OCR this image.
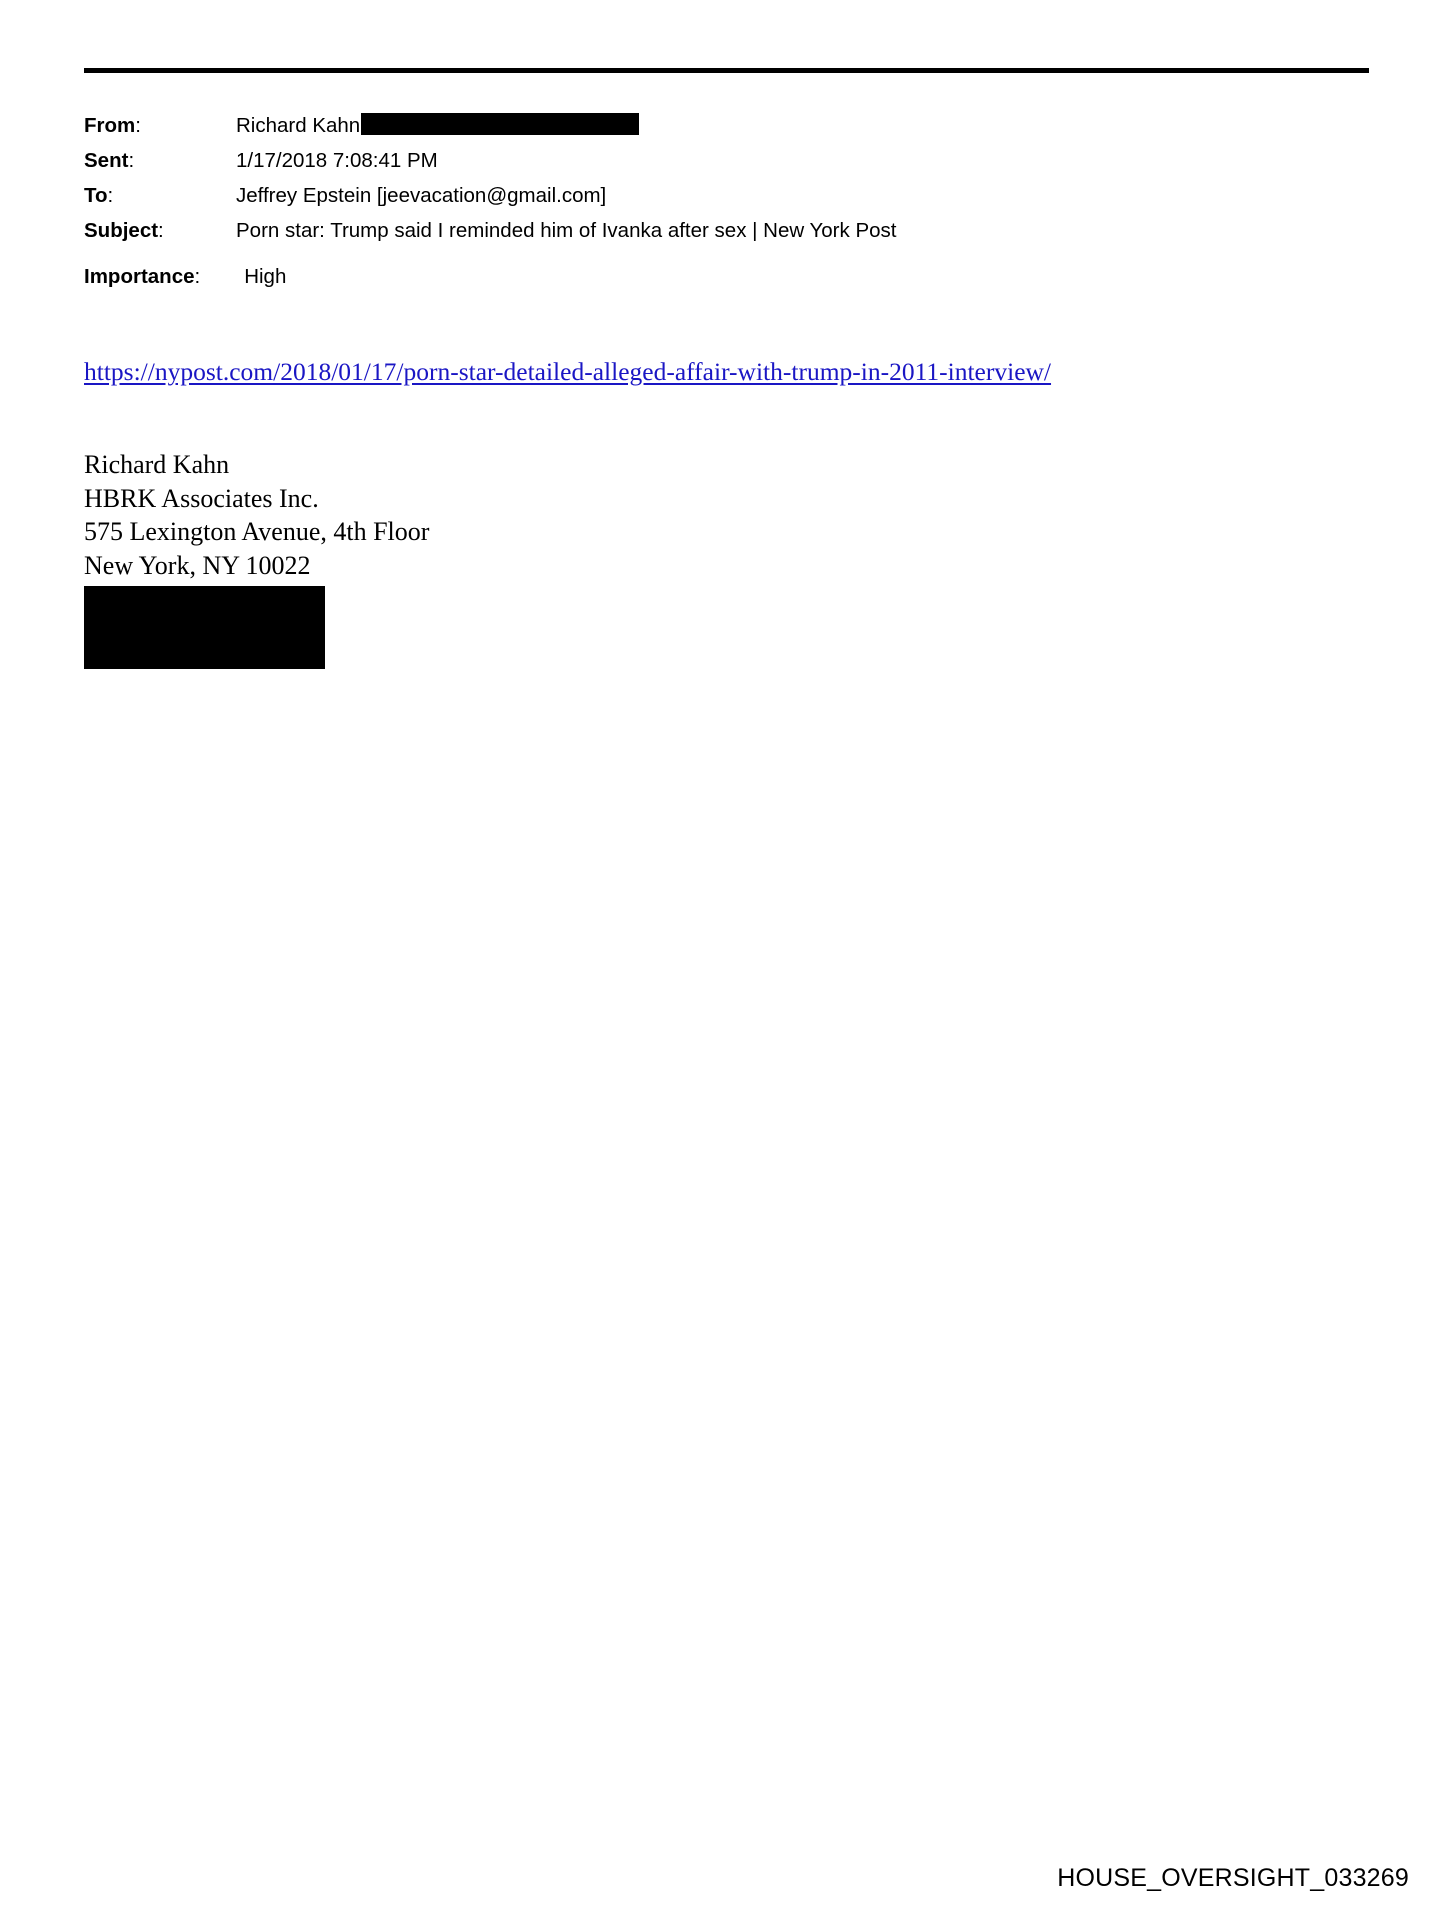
From:	Richard Kahn
Sent:	1/17/2018 7:08:41 PM
To:	Jeffrey Epstein [jeevacation@gmail.com]
Subject:	Porn star: Trump said I reminded him of Ivanka after sex | New York Post
Importance: High
https://nypost.com/2018/01/17/porn-star-detailed-alleged-affair-with-trump-in-2011-interview/
Richard Kahn
HBRK Associates Inc.
575 Lexington Avenue, 4th Floor
New York, NY 10022
HOUSE_OVERSIGHT_033269
